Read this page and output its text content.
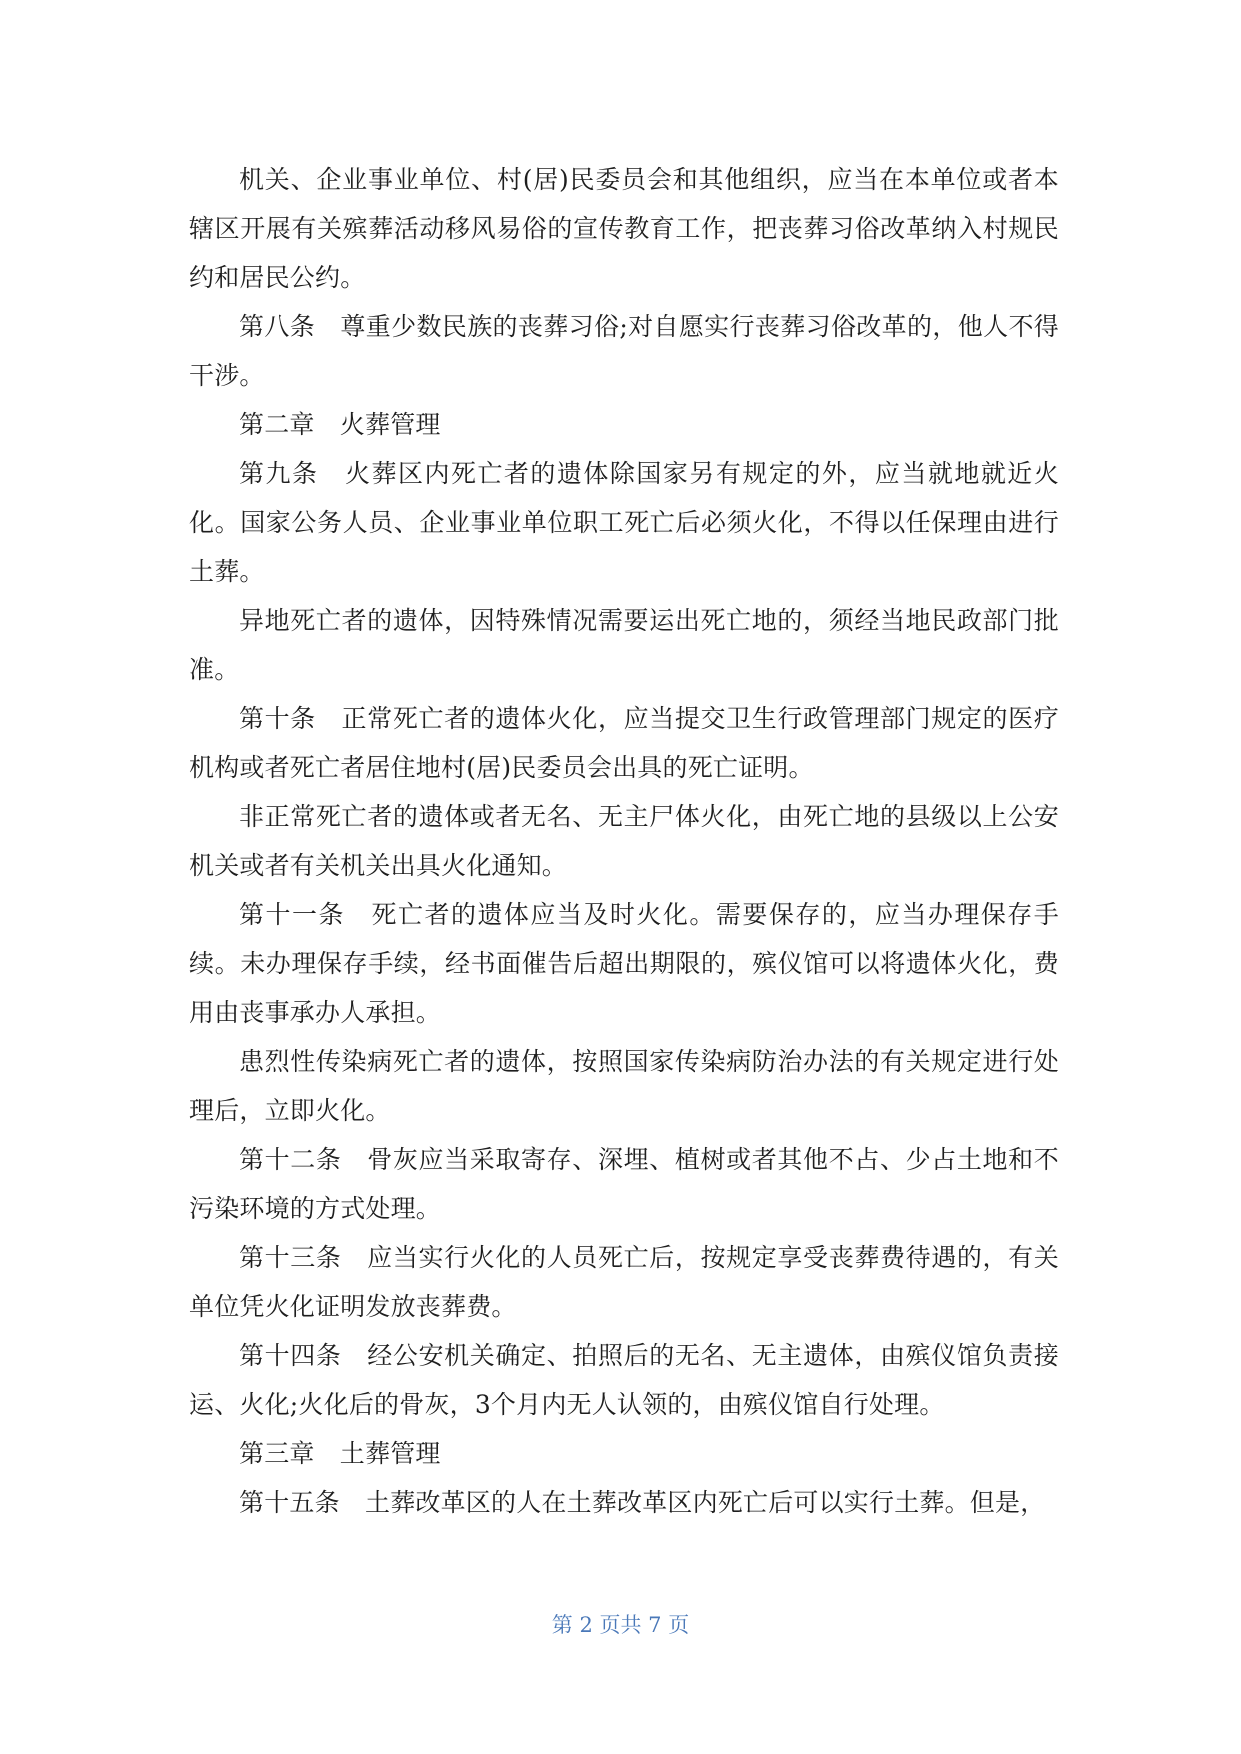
机关、企业事业单位、村(居)民委员会和其他组织，应当在本单位或者本辖区开展有关殡葬活动移风易俗的宣传教育工作，把丧葬习俗改革纳入村规民约和居民公约。

第八条　尊重少数民族的丧葬习俗;对自愿实行丧葬习俗改革的，他人不得干涉。

第二章　火葬管理

第九条　火葬区内死亡者的遗体除国家另有规定的外，应当就地就近火化。国家公务人员、企业事业单位职工死亡后必须火化，不得以任保理由进行土葬。

异地死亡者的遗体，因特殊情况需要运出死亡地的，须经当地民政部门批准。

第十条　正常死亡者的遗体火化，应当提交卫生行政管理部门规定的医疗机构或者死亡者居住地村(居)民委员会出具的死亡证明。

非正常死亡者的遗体或者无名、无主尸体火化，由死亡地的县级以上公安机关或者有关机关出具火化通知。

第十一条　死亡者的遗体应当及时火化。需要保存的，应当办理保存手续。未办理保存手续，经书面催告后超出期限的，殡仪馆可以将遗体火化，费用由丧事承办人承担。

患烈性传染病死亡者的遗体，按照国家传染病防治办法的有关规定进行处理后，立即火化。

第十二条　骨灰应当采取寄存、深埋、植树或者其他不占、少占土地和不污染环境的方式处理。

第十三条　应当实行火化的人员死亡后，按规定享受丧葬费待遇的，有关单位凭火化证明发放丧葬费。

第十四条　经公安机关确定、拍照后的无名、无主遗体，由殡仪馆负责接运、火化;火化后的骨灰，3个月内无人认领的，由殡仪馆自行处理。

第三章　土葬管理

第十五条　土葬改革区的人在土葬改革区内死亡后可以实行土葬。但是，

第 2 页共 7 页
